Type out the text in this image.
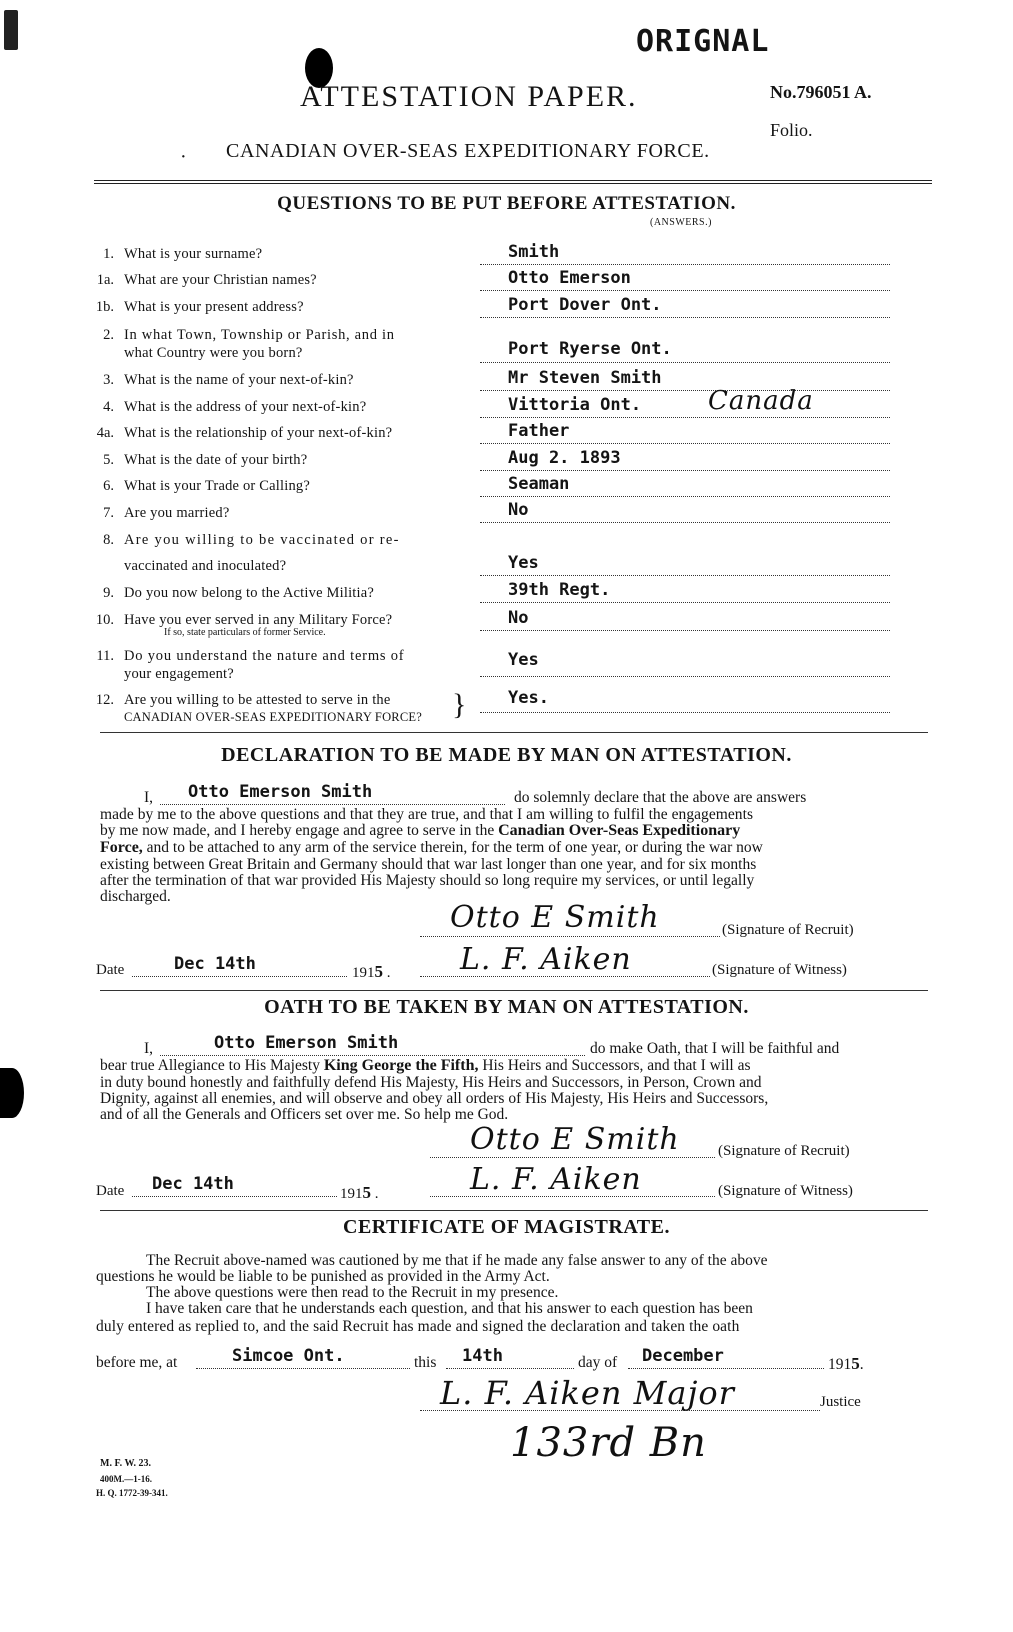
ORIGNAL
ATTESTATION PAPER.	No.796051 A.
Folio.
CANADIAN OVER-SEAS EXPEDITIONARY FORCE.
·
QUESTIONS TO BE PUT BEFORE ATTESTATION.
(ANSWERS.)
1. What is your surname?	Smith
1a. What are your Christian names?	Otto Emerson
1b. What is your present address?	Port Dover Ont.
2. In what Town, Township or Parish, and in
what Country were you born?	Port Ryerse Ont.
3. What is the name of your next-of-kin?	Mr Steven Smith
4. What is the address of your next-of-kin?	Vittoria Ont.	Canada
4a. What is the relationship of your next-of-kin?	Father
5. What is the date of your birth?	Aug 2. 1893
6. What is your Trade or Calling?	Seaman
7. Are you married?	No
8. Are you willing to be vaccinated or re-
vaccinated and inoculated?	Yes
9. Do you now belong to the Active Militia?	39th Regt.
10. Have you ever served in any Military Force?
If so, state particulars of former Service.
No
11. Do you understand the nature and terms of
your engagement?
Yes
12. Are you willing to be attested to serve in the
CANADIAN OVER-SEAS EXPEDITIONARY FORCE? } Yes.
DECLARATION TO BE MADE BY MAN ON ATTESTATION.
I, Otto Emerson Smith	do solemnly declare that the above are answers
made by me to the above questions and that they are true, and that I am willing to fulfil the engagements
by me now made, and I hereby engage and agree to serve in the Canadian Over-Seas Expeditionary
Force, and to be attached to any arm of the service therein, for the term of one year, or during the war now
existing between Great Britain and Germany should that war last longer than one year, and for six months
after the termination of that war provided His Majesty should so long require my services, or until legally
discharged.
Otto E Smith	(Signature of Recruit)
Date	Dec 14th	1915 . L. F. Aiken	(Signature of Witness)
OATH TO BE TAKEN BY MAN ON ATTESTATION.
I,	Otto Emerson Smith	do make Oath, that I will be faithful and
bear true Allegiance to His Majesty King George the Fifth, His Heirs and Successors, and that I will as
in duty bound honestly and faithfully defend His Majesty, His Heirs and Successors, in Person, Crown and
Dignity, against all enemies, and will observe and obey all orders of His Majesty, His Heirs and Successors,
and of all the Generals and Officers set over me. So help me God.
Otto E Smith	(Signature of Recruit)
Date Dec 14th	1915 .	L. F. Aiken	(Signature of Witness)
CERTIFICATE OF MAGISTRATE.
The Recruit above-named was cautioned by me that if he made any false answer to any of the above
questions he would be liable to be punished as provided in the Army Act.
The above questions were then read to the Recruit in my presence.
I have taken care that he understands each question, and that his answer to each question has been
duly entered as replied to, and the said Recruit has made and signed the declaration and taken the oath
before me, at	Simcoe Ont.	this 14th	day of December	1915.
L. F. Aiken Major	Justice
133rd Bn
M. F. W. 23.
400M.—1-16.
H. Q. 1772-39-341.
